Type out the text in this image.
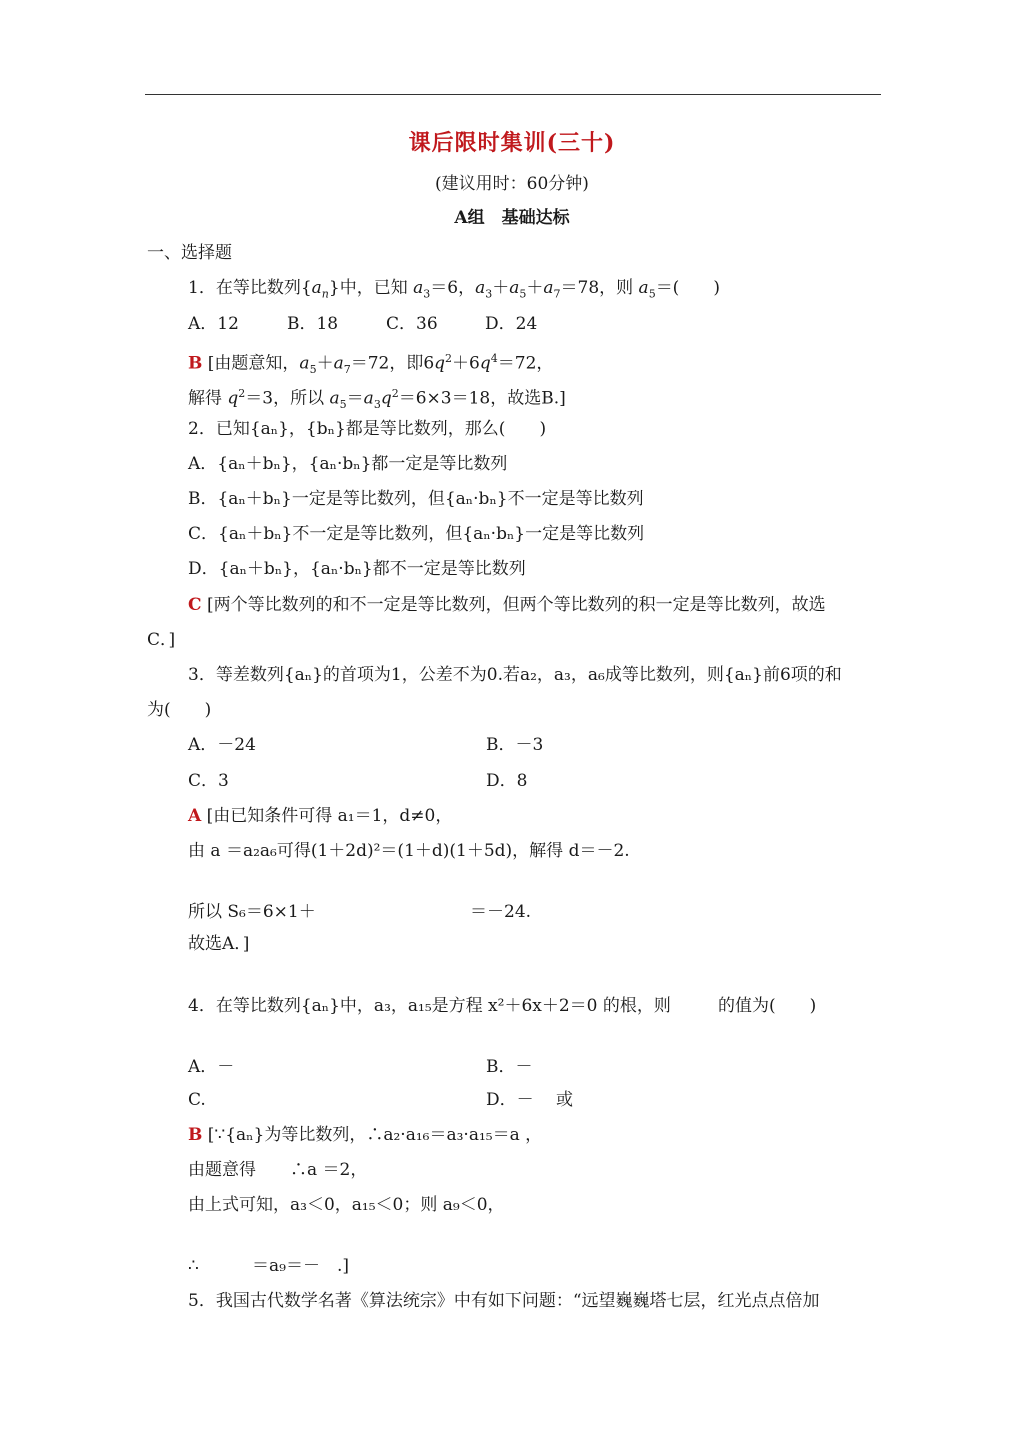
课后限时集训(三十)
(建议用时：60分钟)
A组　基础达标
一、选择题
1．在等比数列$\{a_n\}$中，已知 $a_3=6$，$a_3+a_5+a_7=78$，则 $a_5=$(　　)
A．12	B．18	C．36	D．24
B [由题意知，$a_5+a_7=72$，即$6q^2+6q^4=72$，
解得 $q^2=3$，所以 $a_5=a_3q^2=6\times 3=18$，故选B.]
2．已知{aₙ}，{bₙ}都是等比数列，那么(　　)
A．{aₙ＋bₙ}，{aₙ·bₙ}都一定是等比数列
B．{aₙ＋bₙ}一定是等比数列，但{aₙ·bₙ}不一定是等比数列
C．{aₙ＋bₙ}不一定是等比数列，但{aₙ·bₙ}一定是等比数列
D．{aₙ＋bₙ}，{aₙ·bₙ}都不一定是等比数列
C [两个等比数列的和不一定是等比数列，但两个等比数列的积一定是等比数列，故选
C．]
3．等差数列{aₙ}的首项为1，公差不为0.若a₂，a₃，a₆成等比数列，则{aₙ}前6项的和
为(　　)
A．－24	B．－3
C．3	D．8
A [由已知条件可得 a₁＝1，d≠0，
由 a ＝a₂a₆可得(1＋2d)²＝(1＋d)(1＋5d)，解得 d＝－2.
所以 S₆＝6×1＋	＝－24.
故选A．]
4．在等比数列{aₙ}中，a₃，a₁₅是方程 x²＋6x＋2＝0 的根，则	的值为(　　)
A．－	B．－
C.	D．－　 或
B [∵{aₙ}为等比数列，∴a₂·a₁₆＝a₃·a₁₅＝a ，
由题意得　　∴a ＝2，
由上式可知，a₃＜0，a₁₅＜0；则 a₉＜0，
∴	＝a₉＝－　.]
5．我国古代数学名著《算法统宗》中有如下问题：“远望巍巍塔七层，红光点点倍加
